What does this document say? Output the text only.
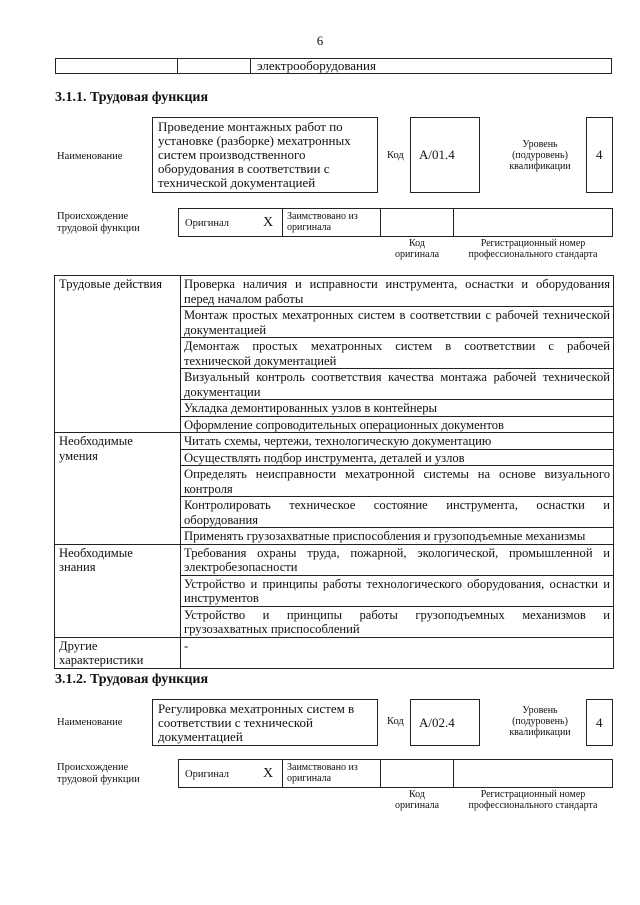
6
электрооборудования
3.1.1. Трудовая функция
Наименование
Проведение монтажных работ по
установке (разборке) мехатронных
систем производственного
оборудования в соответствии с
технической документацией
Код А/01.4
Уровень
(подуровень)
квалификации
4
Происхождение
трудовой функции	Оригинал X Заимствовано из
оригинала
Код
оригинала
Регистрационный номер
профессионального стандарта
Трудовые действия	Проверка наличия и исправности инструмента, оснастки и оборудования перед началом работы
	Монтаж простых мехатронных систем в соответствии с рабочей технической документацией
	Демонтаж простых мехатронных систем в соответствии с рабочей технической документацией
	Визуальный контроль соответствия качества монтажа рабочей технической документации
	Укладка демонтированных узлов в контейнеры
	Оформление сопроводительных операционных документов

Необходимые
умения	Читать схемы, чертежи, технологическую документацию
	Осуществлять подбор инструмента, деталей и узлов
	Определять неисправности мехатронной системы на основе визуального контроля
	Контролировать техническое состояние инструмента, оснастки и оборудования
	Применять грузозахватные приспособления и грузоподъемные механизмы

Необходимые
знания	Требования охраны труда, пожарной, экологической, промышленной и электробезопасности
	Устройство и принципы работы технологического оборудования, оснастки и инструментов
	Устройство и принципы работы грузоподъемных механизмов и грузозахватных приспособлений

Другие
характеристики	-
3.1.2. Трудовая функция
Наименование
Регулировка мехатронных систем в
соответствии с технической
документацией
Код А/02.4
Уровень
(подуровень)
квалификации
4
Происхождение
трудовой функции	Оригинал X Заимствовано из
оригинала
Код
оригинала
Регистрационный номер
профессионального стандарта
